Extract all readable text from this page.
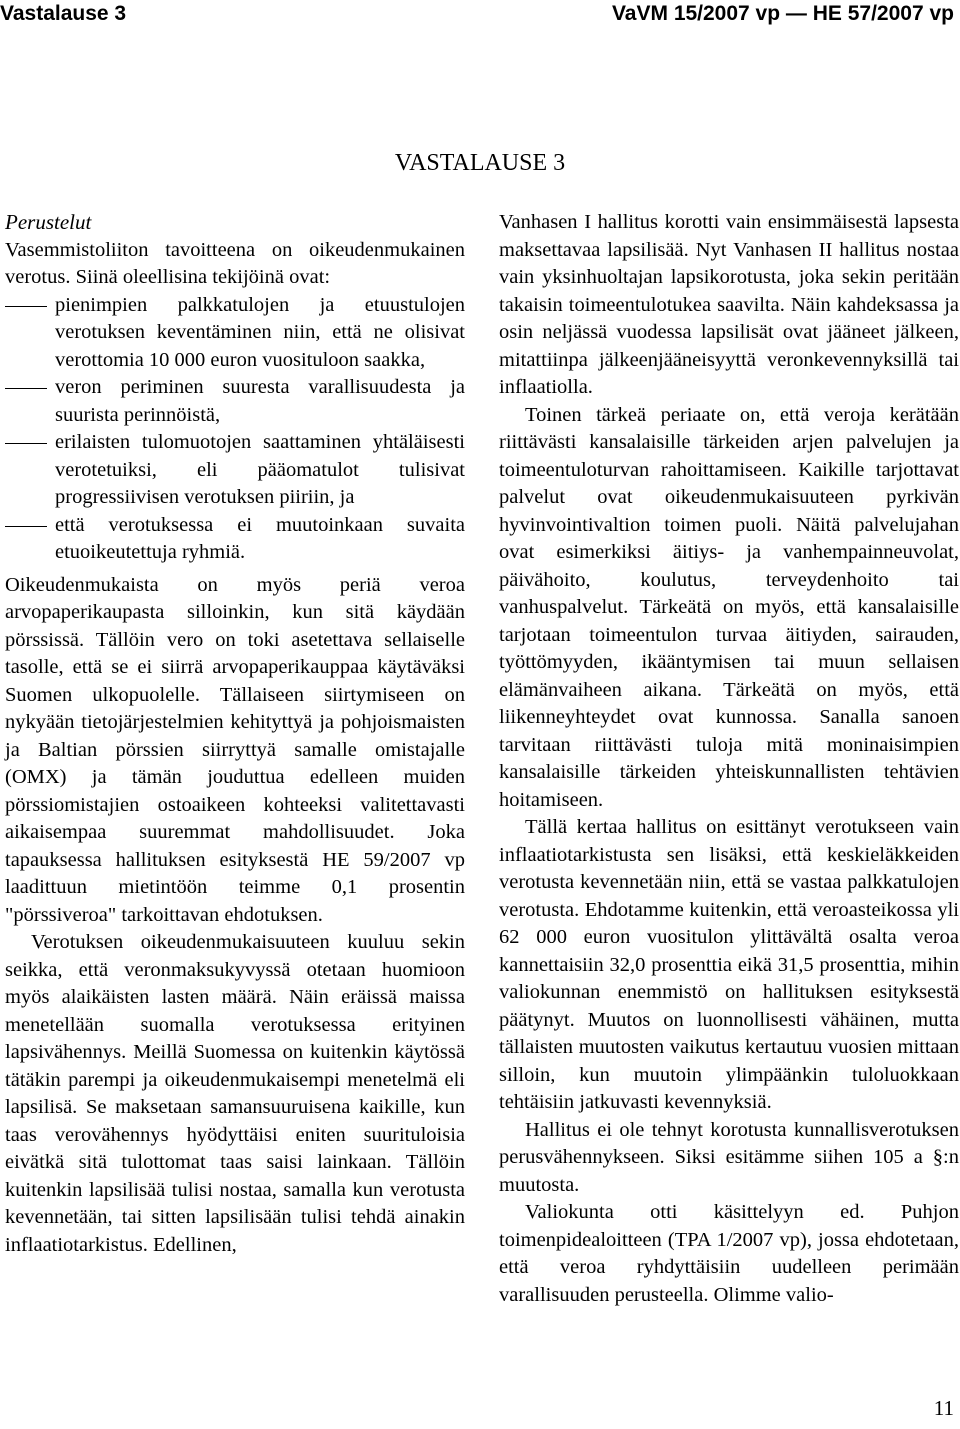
Vastalause 3	VaVM 15/2007 vp — HE 57/2007 vp
VASTALAUSE 3
Perustelut

Vasemmistoliiton tavoitteena on oikeudenmukainen verotus. Siinä oleellisina tekijöinä ovat:

pienimpien palkkatulojen ja etuustulojen verotuksen keventäminen niin, että ne olisivat verottomia 10 000 euron vuosituloon saakka,
veron periminen suuresta varallisuudesta ja suurista perinnöistä,
erilaisten tulomuotojen saattaminen yhtäläisesti verotetuiksi, eli pääomatulot tulisivat progressiivisen verotuksen piiriin, ja
että verotuksessa ei muutoinkaan suvaita etuoikeutettuja ryhmiä.

Oikeudenmukaista on myös periä veroa arvopaperikaupasta silloinkin, kun sitä käydään pörssissä. Tällöin vero on toki asetettava sellaiselle tasolle, että se ei siirrä arvopaperikauppaa käytäväksi Suomen ulkopuolelle. Tällaiseen siirtymiseen on nykyään tietojärjestelmien kehityttyä ja pohjoismaisten ja Baltian pörssien siirryttyä samalle omistajalle (OMX) ja tämän jouduttua edelleen muiden pörssiomistajien ostoaikeen kohteeksi valitettavasti aikaisempaa suuremmat mahdollisuudet. Joka tapauksessa hallituksen esityksestä HE 59/2007 vp laadittuun mietintöön teimme 0,1 prosentin "pörssiveroa" tarkoittavan ehdotuksen.

Verotuksen oikeudenmukaisuuteen kuuluu sekin seikka, että veronmaksukyvyssä otetaan huomioon myös alaikäisten lasten määrä. Näin eräissä maissa menetellään suomalla verotuksessa erityinen lapsivähennys. Meillä Suomessa on kuitenkin käytössä tätäkin parempi ja oikeudenmukaisempi menetelmä eli lapsilisä. Se maksetaan samansuuruisena kaikille, kun taas verovähennys hyödyttäisi eniten suurituloisia eivätkä sitä tulottomat taas saisi lainkaan. Tällöin kuitenkin lapsilisää tulisi nostaa, samalla kun verotusta kevennetään, tai sitten lapsilisään tulisi tehdä ainakin inflaatiotarkistus. Edellinen,

Vanhasen I hallitus korotti vain ensimmäisestä lapsesta maksettavaa lapsilisää. Nyt Vanhasen II hallitus nostaa vain yksinhuoltajan lapsikorotusta, joka sekin peritään takaisin toimeentulotukea saavilta. Näin kahdeksassa ja osin neljässä vuodessa lapsilisät ovat jääneet jälkeen, mitattiinpa jälkeenjääneisyyttä veronkevennyksillä tai inflaatiolla.

Toinen tärkeä periaate on, että veroja kerätään riittävästi kansalaisille tärkeiden arjen palvelujen ja toimeentuloturvan rahoittamiseen. Kaikille tarjottavat palvelut ovat oikeudenmukaisuuteen pyrkivän hyvinvointivaltion toimen puoli. Näitä palvelujahan ovat esimerkiksi äitiys- ja vanhempainneuvolat, päivähoito, koulutus, terveydenhoito tai vanhuspalvelut. Tärkeätä on myös, että kansalaisille tarjotaan toimeentulon turvaa äitiyden, sairauden, työttömyyden, ikääntymisen tai muun sellaisen elämänvaiheen aikana. Tärkeätä on myös, että liikenneyhteydet ovat kunnossa. Sanalla sanoen tarvitaan riittävästi tuloja mitä moninaisimpien kansalaisille tärkeiden yhteiskunnallisten tehtävien hoitamiseen.

Tällä kertaa hallitus on esittänyt verotukseen vain inflaatiotarkistusta sen lisäksi, että keskieläkkeiden verotusta kevennetään niin, että se vastaa palkkatulojen verotusta. Ehdotamme kuitenkin, että veroasteikossa yli 62 000 euron vuositulon ylittävältä osalta veroa kannettaisiin 32,0 prosenttia eikä 31,5 prosenttia, mihin valiokunnan enemmistö on hallituksen esityksestä päätynyt. Muutos on luonnollisesti vähäinen, mutta tällaisten muutosten vaikutus kertautuu vuosien mittaan silloin, kun muutoin ylimpäänkin tuloluokkaan tehtäisiin jatkuvasti kevennyksiä.

Hallitus ei ole tehnyt korotusta kunnallisverotuksen perusvähennykseen. Siksi esitämme siihen 105 a §:n muutosta.

Valiokunta otti käsittelyyn ed. Puhjon toimenpidealoitteen (TPA 1/2007 vp), jossa ehdotetaan, että veroa ryhdyttäisiin uudelleen perimään varallisuuden perusteella. Olimme valio-

11
